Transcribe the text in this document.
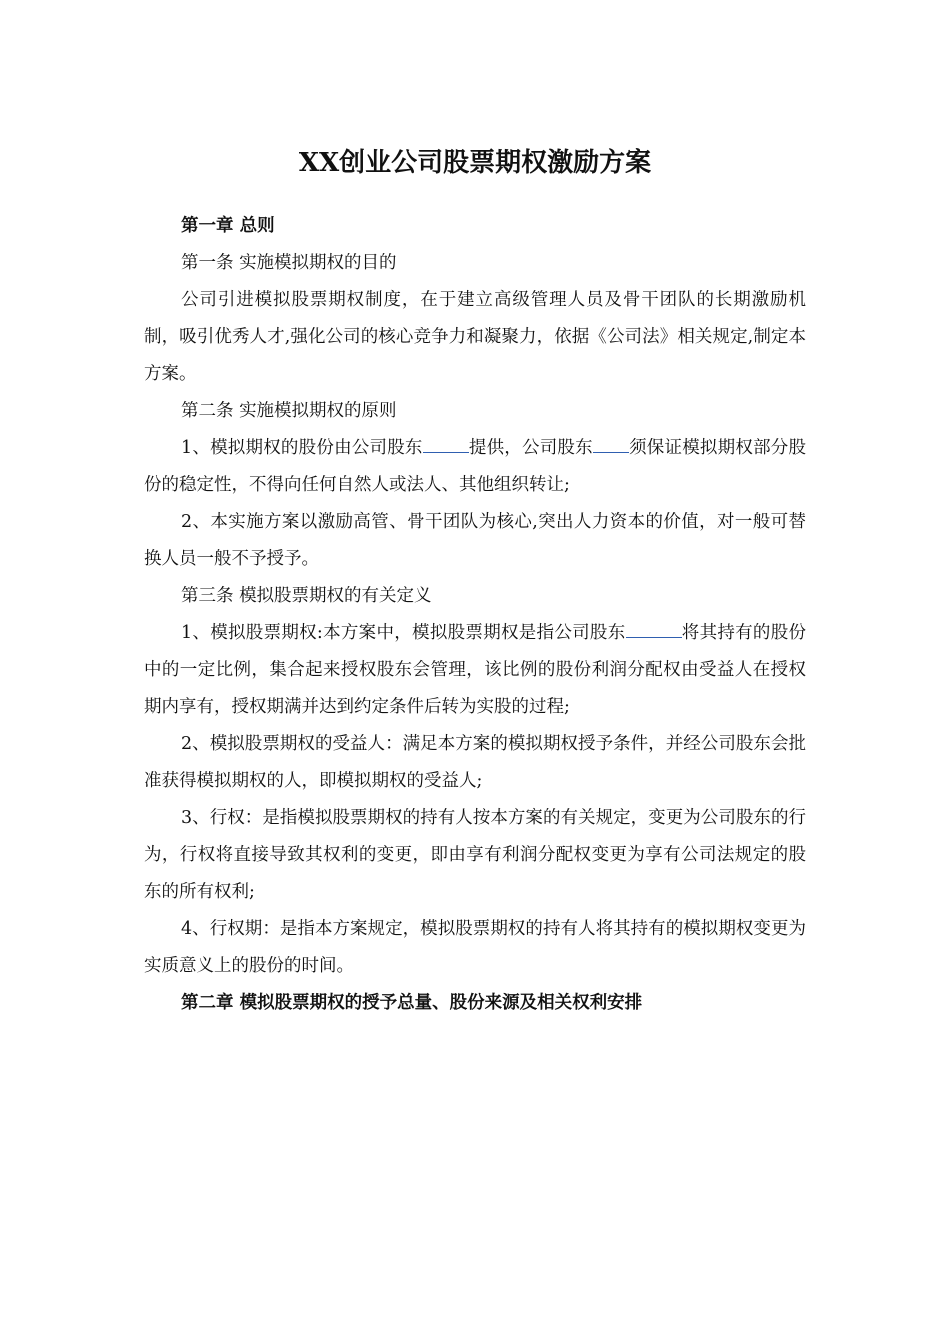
XX创业公司股票期权激励方案

第一章 总则

第一条 实施模拟期权的目的

公司引进模拟股票期权制度，在于建立高级管理人员及骨干团队的长期激励机制，吸引优秀人才,强化公司的核心竞争力和凝聚力，依据《公司法》相关规定,制定本方案。

第二条 实施模拟期权的原则

1、模拟期权的股份由公司股东	提供，公司股东 须保证模拟期权部分股份的稳定性，不得向任何自然人或法人、其他组织转让;

2、本实施方案以激励高管、骨干团队为核心,突出人力资本的价值，对一般可替换人员一般不予授予。

第三条 模拟股票期权的有关定义

1、模拟股票期权:本方案中，模拟股票期权是指公司股东	将其持有的股份中的一定比例，集合起来授权股东会管理，该比例的股份利润分配权由受益人在授权期内享有，授权期满并达到约定条件后转为实股的过程;

2、模拟股票期权的受益人：满足本方案的模拟期权授予条件，并经公司股东会批准获得模拟期权的人，即模拟期权的受益人;

3、行权：是指模拟股票期权的持有人按本方案的有关规定，变更为公司股东的行为，行权将直接导致其权利的变更，即由享有利润分配权变更为享有公司法规定的股东的所有权利;

4、行权期：是指本方案规定，模拟股票期权的持有人将其持有的模拟期权变更为实质意义上的股份的时间。

第二章 模拟股票期权的授予总量、股份来源及相关权利安排
